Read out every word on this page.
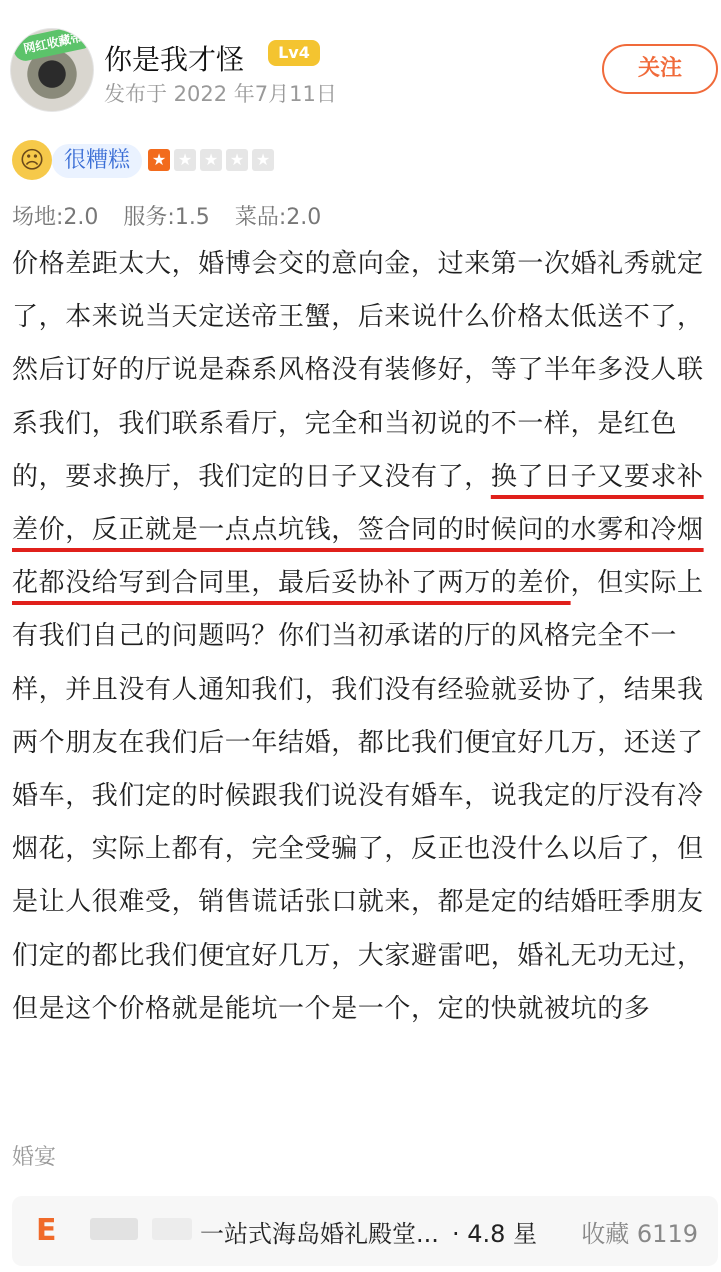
网红收藏帝 你是我才怪	Lv4
发布于 2022 年7月11日
关注
☹ 很糟糕	★ ★ ★ ★ ★
场地:2.0 服务:1.5 菜品:2.0
价格差距太大，婚博会交的意向金，过来第一次婚礼秀就定了，本来说当天定送帝王蟹，后来说什么价格太低送不了，然后订好的厅说是森系风格没有装修好，等了半年多没人联系我们，我们联系看厅，完全和当初说的不一样，是红色的，要求换厅，我们定的日子又没有了，换了日子又要求补差价，反正就是一点点坑钱，签合同的时候问的水雾和冷烟花都没给写到合同里，最后妥协补了两万的差价，但实际上有我们自己的问题吗？你们当初承诺的厅的风格完全不一样，并且没有人通知我们，我们没有经验就妥协了，结果我两个朋友在我们后一年结婚，都比我们便宜好几万，还送了婚车，我们定的时候跟我们说没有婚车，说我定的厅没有冷烟花，实际上都有，完全受骗了，反正也没什么以后了，但是让人很难受，销售谎话张口就来，都是定的结婚旺季朋友们定的都比我们便宜好几万，大家避雷吧，婚礼无功无过，但是这个价格就是能坑一个是一个，定的快就被坑的多
婚宴
Ε	一站式海岛婚礼殿堂... · 4.8 星 收藏 6119
